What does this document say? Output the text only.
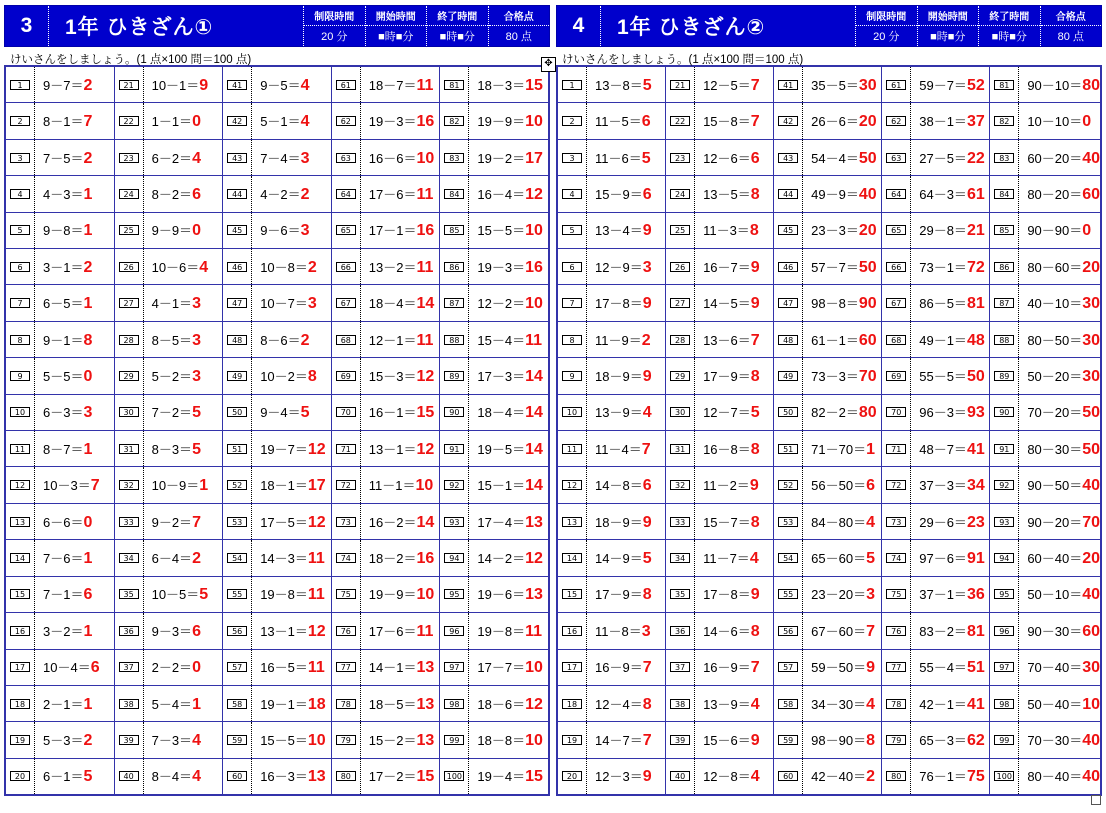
3	1年 ひきざん①	制限時間
20 分
開始時間
■時■分
終了時間
■時■分
合格点
80 点
けいさんをしましょう。(1 点×100 問＝100 点)
1	9－7＝2
2	8－1＝7
3	7－5＝2
4	4－3＝1
5	9－8＝1
6	3－1＝2
7	6－5＝1
8	9－1＝8
9	5－5＝0
10	6－3＝3
11	8－7＝1
12	10－3＝7
13	6－6＝0
14	7－6＝1
15	7－1＝6
16	3－2＝1
17	10－4＝6
18	2－1＝1
19	5－3＝2
20	6－1＝5
21	10－1＝9
22	1－1＝0
23	6－2＝4
24	8－2＝6
25	9－9＝0
26	10－6＝4
27	4－1＝3
28	8－5＝3
29	5－2＝3
30	7－2＝5
31	8－3＝5
32	10－9＝1
33	9－2＝7
34	6－4＝2
35	10－5＝5
36	9－3＝6
37	2－2＝0
38	5－4＝1
39	7－3＝4
40	8－4＝4
41	9－5＝4
42	5－1＝4
43	7－4＝3
44	4－2＝2
45	9－6＝3
46	10－8＝2
47	10－7＝3
48	8－6＝2
49	10－2＝8
50	9－4＝5
51	19－7＝12
52	18－1＝17
53	17－5＝12
54	14－3＝11
55	19－8＝11
56	13－1＝12
57	16－5＝11
58	19－1＝18
59	15－5＝10
60	16－3＝13
61	18－7＝11
62	19－3＝16
63	16－6＝10
64	17－6＝11
65	17－1＝16
66	13－2＝11
67	18－4＝14
68	12－1＝11
69	15－3＝12
70	16－1＝15
71	13－1＝12
72	11－1＝10
73	16－2＝14
74	18－2＝16
75	19－9＝10
76	17－6＝11
77	14－1＝13
78	18－5＝13
79	15－2＝13
80	17－2＝15
81	18－3＝15
82	19－9＝10
83	19－2＝17
84	16－4＝12
85	15－5＝10
86	19－3＝16
87	12－2＝10
88	15－4＝11
89	17－3＝14
90	18－4＝14
91	19－5＝14
92	15－1＝14
93	17－4＝13
94	14－2＝12
95	19－6＝13
96	19－8＝11
97	17－7＝10
98	18－6＝12
99	18－8＝10
100	19－4＝15
4	1年 ひきざん②	制限時間
20 分
開始時間
■時■分
終了時間
■時■分
合格点
80 点
けいさんをしましょう。(1 点×100 問＝100 点)
1	13－8＝5
2	11－5＝6
3	11－6＝5
4	15－9＝6
5	13－4＝9
6	12－9＝3
7	17－8＝9
8	11－9＝2
9	18－9＝9
10	13－9＝4
11	11－4＝7
12	14－8＝6
13	18－9＝9
14	14－9＝5
15	17－9＝8
16	11－8＝3
17	16－9＝7
18	12－4＝8
19	14－7＝7
20	12－3＝9
21	12－5＝7
22	15－8＝7
23	12－6＝6
24	13－5＝8
25	11－3＝8
26	16－7＝9
27	14－5＝9
28	13－6＝7
29	17－9＝8
30	12－7＝5
31	16－8＝8
32	11－2＝9
33	15－7＝8
34	11－7＝4
35	17－8＝9
36	14－6＝8
37	16－9＝7
38	13－9＝4
39	15－6＝9
40	12－8＝4
41	35－5＝30
42	26－6＝20
43	54－4＝50
44	49－9＝40
45	23－3＝20
46	57－7＝50
47	98－8＝90
48	61－1＝60
49	73－3＝70
50	82－2＝80
51	71－70＝1
52	56－50＝6
53	84－80＝4
54	65－60＝5
55	23－20＝3
56	67－60＝7
57	59－50＝9
58	34－30＝4
59	98－90＝8
60	42－40＝2
61	59－7＝52
62	38－1＝37
63	27－5＝22
64	64－3＝61
65	29－8＝21
66	73－1＝72
67	86－5＝81
68	49－1＝48
69	55－5＝50
70	96－3＝93
71	48－7＝41
72	37－3＝34
73	29－6＝23
74	97－6＝91
75	37－1＝36
76	83－2＝81
77	55－4＝51
78	42－1＝41
79	65－3＝62
80	76－1＝75
81	90－10＝80
82	10－10＝0
83	60－20＝40
84	80－20＝60
85	90－90＝0
86	80－60＝20
87	40－10＝30
88	80－50＝30
89	50－20＝30
90	70－20＝50
91	80－30＝50
92	90－50＝40
93	90－20＝70
94	60－40＝20
95	50－10＝40
96	90－30＝60
97	70－40＝30
98	50－40＝10
99	70－30＝40
100	80－40＝40
✥
